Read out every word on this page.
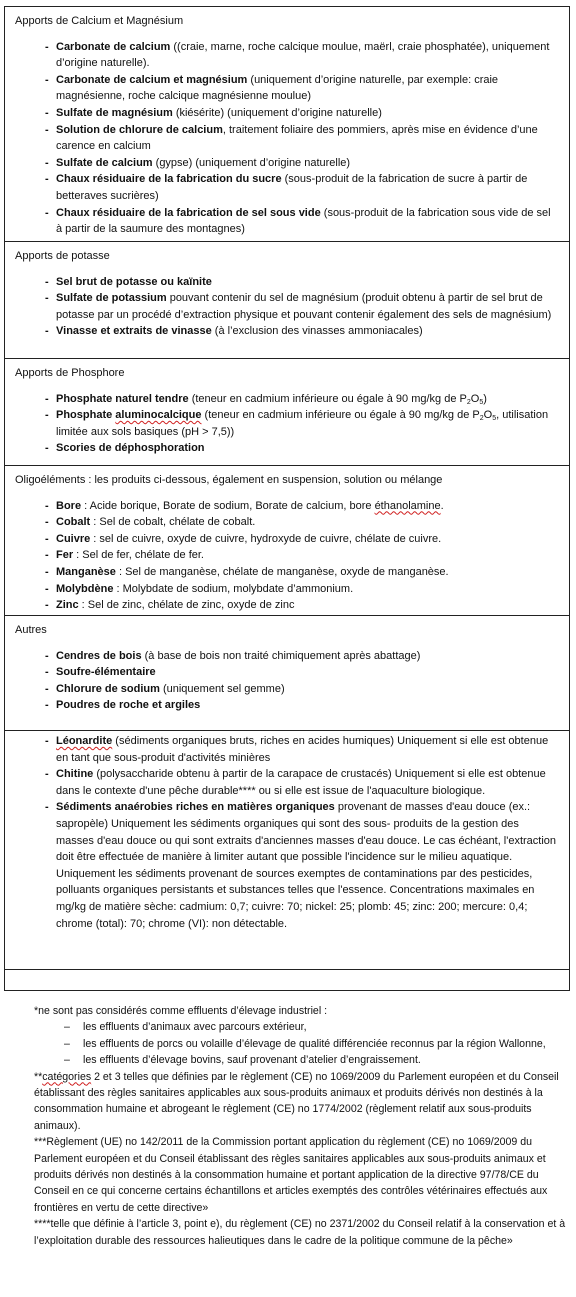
Apports de Calcium et Magnésium

- Carbonate de calcium ((craie, marne, roche calcique moulue, maërl, craie phosphatée), uniquement d’origine naturelle).
- Carbonate de calcium et magnésium (uniquement d’origine naturelle, par exemple: craie magnésienne, roche calcique magnésienne moulue)
- Sulfate de magnésium (kiésérite) (uniquement d’origine naturelle)
- Solution de chlorure de calcium, traitement foliaire des pommiers, après mise en évidence d’une carence en calcium
- Sulfate de calcium (gypse) (uniquement d’origine naturelle)
- Chaux résiduaire de la fabrication du sucre (sous-produit de la fabrication de sucre à partir de betteraves sucrières)
- Chaux résiduaire de la fabrication de sel sous vide (sous-produit de la fabrication sous vide de sel à partir de la saumure des montagnes)

Apports de potasse

- Sel brut de potasse ou kaïnite
- Sulfate de potassium pouvant contenir du sel de magnésium (produit obtenu à partir de sel brut de potasse par un procédé d’extraction physique et pouvant contenir également des sels de magnésium)
- Vinasse et extraits de vinasse (à l’exclusion des vinasses ammoniacales)

Apports de Phosphore

- Phosphate naturel tendre (teneur en cadmium inférieure ou égale à 90 mg/kg de $P_2O_5$)
- Phosphate aluminocalcique (teneur en cadmium inférieure ou égale à 90 mg/kg de $P_2O_5$, utilisation limitée aux sols basiques (pH > 7,5))
- Scories de déphosphoration

Oligoéléments : les produits ci-dessous, également en suspension, solution ou mélange

- Bore : Acide borique, Borate de sodium, Borate de calcium, bore éthanolamine.
- Cobalt : Sel de cobalt, chélate de cobalt.
- Cuivre : sel de cuivre, oxyde de cuivre, hydroxyde de cuivre, chélate de cuivre.
- Fer : Sel de fer, chélate de fer.
- Manganèse : Sel de manganèse, chélate de manganèse, oxyde de manganèse.
- Molybdène : Molybdate de sodium, molybdate d’ammonium.
- Zinc : Sel de zinc, chélate de zinc, oxyde de zinc

Autres

- Cendres de bois (à base de bois non traité chimiquement après abattage)
- Soufre-élémentaire
- Chlorure de sodium (uniquement sel gemme)
- Poudres de roche et argiles
- Léonardite (sédiments organiques bruts, riches en acides humiques) Uniquement si elle est obtenue en tant que sous-produit d'activités minières
- Chitine (polysaccharide obtenu à partir de la carapace de crustacés) Uniquement si elle est obtenue dans le contexte d'une pêche durable**** ou si elle est issue de l'aquaculture biologique.
- Sédiments anaérobies riches en matières organiques provenant de masses d'eau douce (ex.: sapropèle) Uniquement les sédiments organiques qui sont des sous- produits de la gestion des masses d'eau douce ou qui sont extraits d'anciennes masses d'eau douce. Le cas échéant, l'extraction doit être effectuée de manière à limiter autant que possible l'incidence sur le milieu aquatique. Uniquement les sédiments provenant de sources exemptes de contaminations par des pesticides, polluants organiques persistants et substances telles que l'essence. Concentrations maximales en mg/kg de matière sèche: cadmium: 0,7; cuivre: 70; nickel: 25; plomb: 45; zinc: 200; mercure: 0,4; chrome (total): 70; chrome (VI): non détectable.

*ne sont pas considérés comme effluents d’élevage industriel :

– les effluents d’animaux avec parcours extérieur,
– les effluents de porcs ou volaille d’élevage de qualité différenciée reconnus par la région Wallonne,
– les effluents d’élevage bovins, sauf provenant d’atelier d’engraissement.

**catégories 2 et 3 telles que définies par le règlement (CE) no 1069/2009 du Parlement européen et du Conseil établissant des règles sanitaires applicables aux sous-produits animaux et produits dérivés non destinés à la consommation humaine et abrogeant le règlement (CE) no 1774/2002 (règlement relatif aux sous-produits animaux).

***Règlement (UE) no 142/2011 de la Commission portant application du règlement (CE) no 1069/2009 du Parlement européen et du Conseil établissant des règles sanitaires applicables aux sous-produits animaux et produits dérivés non destinés à la consommation humaine et portant application de la directive 97/78/CE du Conseil en ce qui concerne certains échantillons et articles exemptés des contrôles vétérinaires effectués aux frontières en vertu de cette directive»

****telle que définie à l’article 3, point e), du règlement (CE) no 2371/2002 du Conseil relatif à la conservation et à l’exploitation durable des ressources halieutiques dans le cadre de la politique commune de la pêche»
